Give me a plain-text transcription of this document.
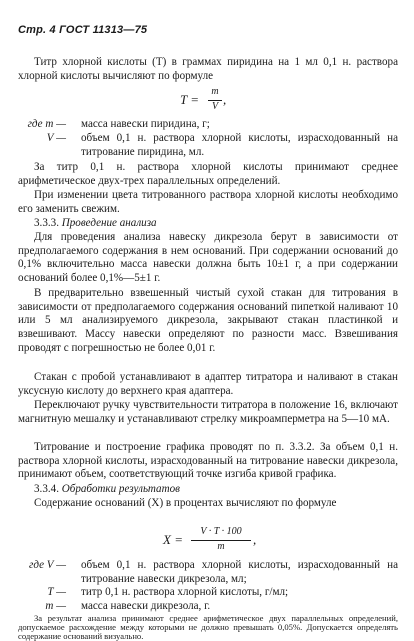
Стр. 4 ГОСТ 11313—75
Титр хлорной кислоты (T) в граммах пиридина на 1 мл 0,1 н. раствора хлорной кислоты вычисляют по формуле
T =
m
V ,
где m — масса навески пиридина, г;
V — объем 0,1 н. раствора хлорной кислоты, израсходованный на титрование пиридина, мл.
За титр 0,1 н. раствора хлорной кислоты принимают среднее арифметическое двух-трех параллельных определений.
При изменении цвета титрованного раствора хлорной кислоты необходимо его заменить свежим.
3.3.3. Проведение анализа
Для проведения анализа навеску дикрезола берут в зависимости от предполагаемого содержания в нем оснований. При содержании оснований до 0,1% включительно масса навески должна быть 10±1 г, а при содержании оснований более 0,1%—5±1 г.
В предварительно взвешенный чистый сухой стакан для титрования в зависимости от предполагаемого содержания оснований пипеткой наливают 10 или 5 мл анализируемого дикрезола, закрывают стакан пластинкой и взвешивают. Массу навески определяют по разности масс. Взвешивания проводят с погрешностью не более 0,01 г.
Стакан с пробой устанавливают в адаптер титратора и наливают в стакан уксусную кислоту до верхнего края адаптера.
Переключают ручку чувствительности титратора в положение 16, включают магнитную мешалку и устанавливают стрелку микроамперметра на 5—10 мА.
Титрование и построение графика проводят по п. 3.3.2. За объем 0,1 н. раствора хлорной кислоты, израсходованный на титрование навески дикрезола, принимают объем, соответствующий точке изгиба кривой графика.
3.3.4. Обработки результатов
Содержание оснований (X) в процентах вычисляют по формуле
X =
V · T · 100
m	,
где V — объем 0,1 н. раствора хлорной кислоты, израсходованный на титрование навески дикрезола, мл;
T — титр 0,1 н. раствора хлорной кислоты, г/мл;
m — масса навески дикрезола, г.
За результат анализа принимают среднее арифметическое двух параллельных определений, допускаемое расхождение между которыми не должно превышать 0,05%. Допускается определять содержание оснований визуально.
